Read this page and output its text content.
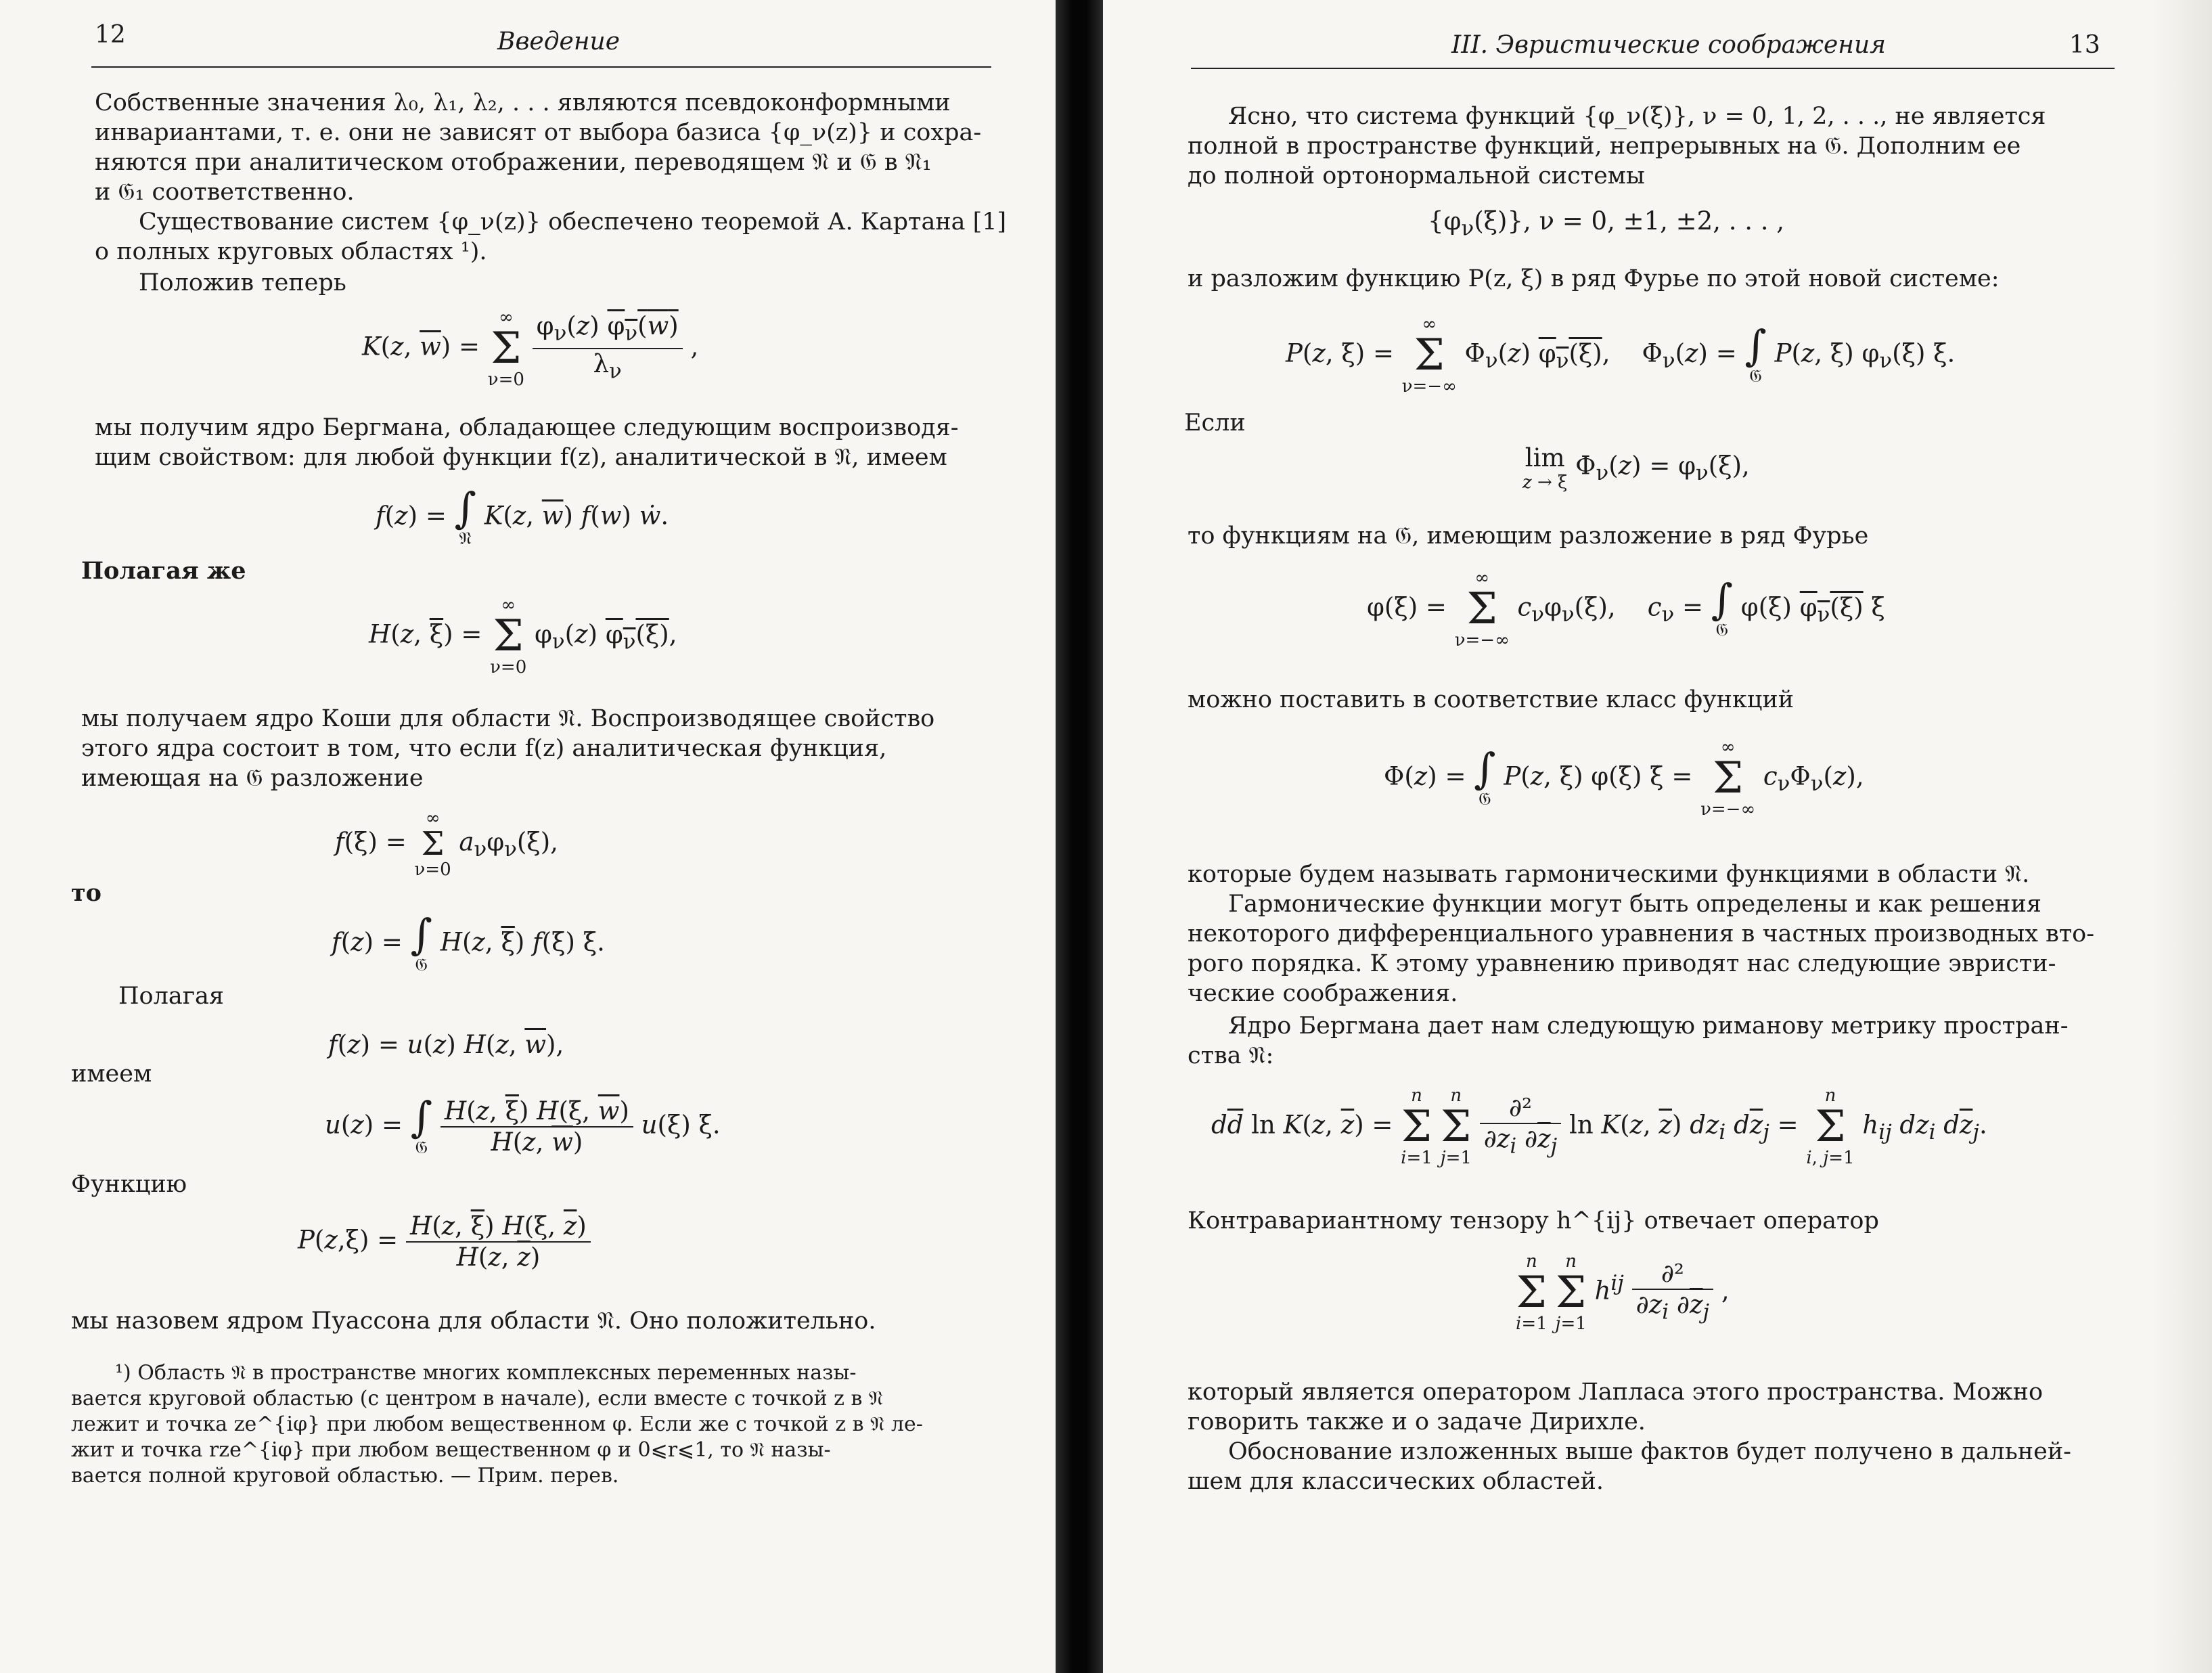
12	Введение
Собственные значения λ₀, λ₁, λ₂, . . . являются псевдоконформными
инвариантами, т. е. они не зависят от выбора базиса {φ_ν(z)} и сохра-
няются при аналитическом отображении, переводящем 𝔑 и 𝔊 в 𝔑₁
и 𝔊₁ соответственно.
Существование систем {φ_ν(z)} обеспечено теоремой А. Картана [1]
о полных круговых областях ¹).
Положив теперь
K(z, $\overline{w}$) =
∞
Σ
ν=0
$\frac{\varphi_\nu(z) \varphi_\nu(w)}{\lambda_\nu}$ ,
мы получим ядро Бергмана, обладающее следующим воспроизводя-
щим свойством: для любой функции f(z), аналитической в 𝔑, имеем
f(z) = ∫
𝔑
K(z, $\overline{w}$) f(w) ẇ.
Полагая же
H(z, $\overline{\xi}$) =
∞
Σ
ν=0
$\varphi_\nu(z)$ $\varphi_\nu(\xi)$,
мы получаем ядро Коши для области 𝔑. Воспроизводящее свойство
этого ядра состоит в том, что если f(z) аналитическая функция,
имеющая на 𝔊 разложение
f(ξ) =
∞
Σ
ν=0
$a_\nu\varphi_\nu(\xi)$,
то
f(z) = ∫
𝔊
H(z, $\overline{\xi}$) f(ξ) ξ̇.
Полагая
f(z) = u(z) H(z, $\overline{w}$),
имеем
u(z) = ∫
𝔊
$\frac{H(z, \overline{\xi}) H(\xi, \overline{w})}{H(z, \overline{w})} u(\xi)$ ξ̇.
Функцию
$P(z,\xi) = \frac{H(z, \overline{\xi}) H(\xi, \overline{z})}{H(z, \overline{z})}$
мы назовем ядром Пуассона для области 𝔑. Оно положительно.
¹) Область 𝔑 в пространстве многих комплексных переменных назы-
вается круговой областью (с центром в начале), если вместе с точкой z в 𝔑
лежит и точка ze^{iφ} при любом вещественном φ. Если же с точкой z в 𝔑 ле-
жит и точка rze^{iφ} при любом вещественном φ и 0⩽r⩽1, то 𝔑 назы-
вается полной круговой областью. — Прим. перев.
III. Эвристические соображения	13
Ясно, что система функций {φ_ν(ξ)}, ν = 0, 1, 2, . . ., не является
полной в пространстве функций, непрерывных на 𝔊. Дополним ее
до полной ортонормальной системы
$\{\varphi_\nu(\xi)\}$, ν = 0, ±1, ±2, . . . ,
и разложим функцию P(z, ξ) в ряд Фурье по этой новой системе:
P(z, ξ) =
∞
Σ
ν=−∞
$\Phi_\nu(z)$ $\varphi_\nu(\xi)$,    $\Phi_\nu(z)$ = ∫
𝔊
P(z, ξ) $\varphi_\nu(\xi)$ ξ̇.
Если
lim
z → ξ
$\Phi_\nu(z) = \varphi_\nu(\xi)$,
то функциям на 𝔊, имеющим разложение в ряд Фурье
φ(ξ) =
∞
Σ
ν=−∞
$c_\nu\varphi_\nu(\xi)$,    $c_\nu$ = ∫
𝔊
φ(ξ) $\varphi_\nu(\xi)$ ξ̇
можно поставить в соответствие класс функций
Φ(z) = ∫
𝔊
P(z, ξ) φ(ξ) ξ̇ =
∞
Σ
ν=−∞
$c_\nu\Phi_\nu(z)$,
которые будем называть гармоническими функциями в области 𝔑.
Гармонические функции могут быть определены и как решения
некоторого дифференциального уравнения в частных производных вто-
рого порядка. К этому уравнению приводят нас следующие эвристи-
ческие соображения.
Ядро Бергмана дает нам следующую риманову метрику простран-
ства 𝔑:
$d\overline{d}$ ln K(z, $\overline{z}$) =
n
Σ
i=1

n
Σ
j=1
$\frac{\text{∂²}}{\partial z_i \partial\overline{z}_j}$ ln K(z, $\overline{z}$) $dz_i$ $d\overline{z}_j$ =
n
Σ
i, j=1
$h_{ij}$ $dz_i$ $d\overline{z}_j$.
Контравариантному тензору h^{ij} отвечает оператор
n
Σ
i=1

n
Σ
j=1
$h^{ij} \frac{\text{∂²}}{\partial z_i \partial\overline{z}_j}$ ,
который является оператором Лапласа этого пространства. Можно
говорить также и о задаче Дирихле.
Обоснование изложенных выше фактов будет получено в дальней-
шем для классических областей.
